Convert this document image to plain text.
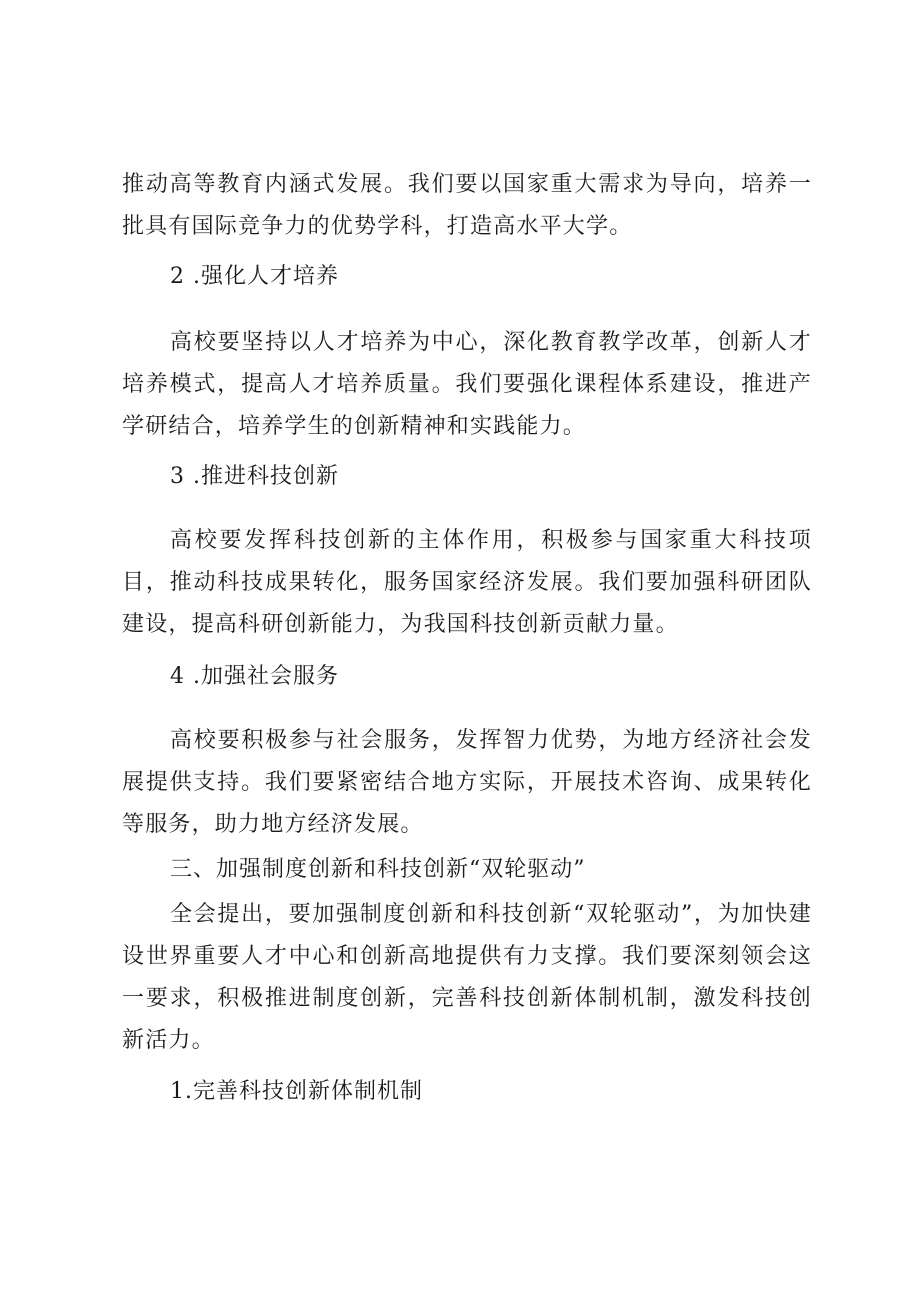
推动高等教育内涵式发展。我们要以国家重大需求为导向，培养一批具有国际竞争力的优势学科，打造高水平大学。

2 .强化人才培养

高校要坚持以人才培养为中心，深化教育教学改革，创新人才培养模式，提高人才培养质量。我们要强化课程体系建设，推进产学研结合，培养学生的创新精神和实践能力。

3 .推进科技创新

高校要发挥科技创新的主体作用，积极参与国家重大科技项目，推动科技成果转化，服务国家经济发展。我们要加强科研团队建设，提高科研创新能力，为我国科技创新贡献力量。

4 .加强社会服务

高校要积极参与社会服务，发挥智力优势，为地方经济社会发展提供支持。我们要紧密结合地方实际，开展技术咨询、成果转化等服务，助力地方经济发展。

三、加强制度创新和科技创新“双轮驱动”

全会提出，要加强制度创新和科技创新“双轮驱动”，为加快建设世界重要人才中心和创新高地提供有力支撑。我们要深刻领会这一要求，积极推进制度创新，完善科技创新体制机制，激发科技创新活力。

1.完善科技创新体制机制
